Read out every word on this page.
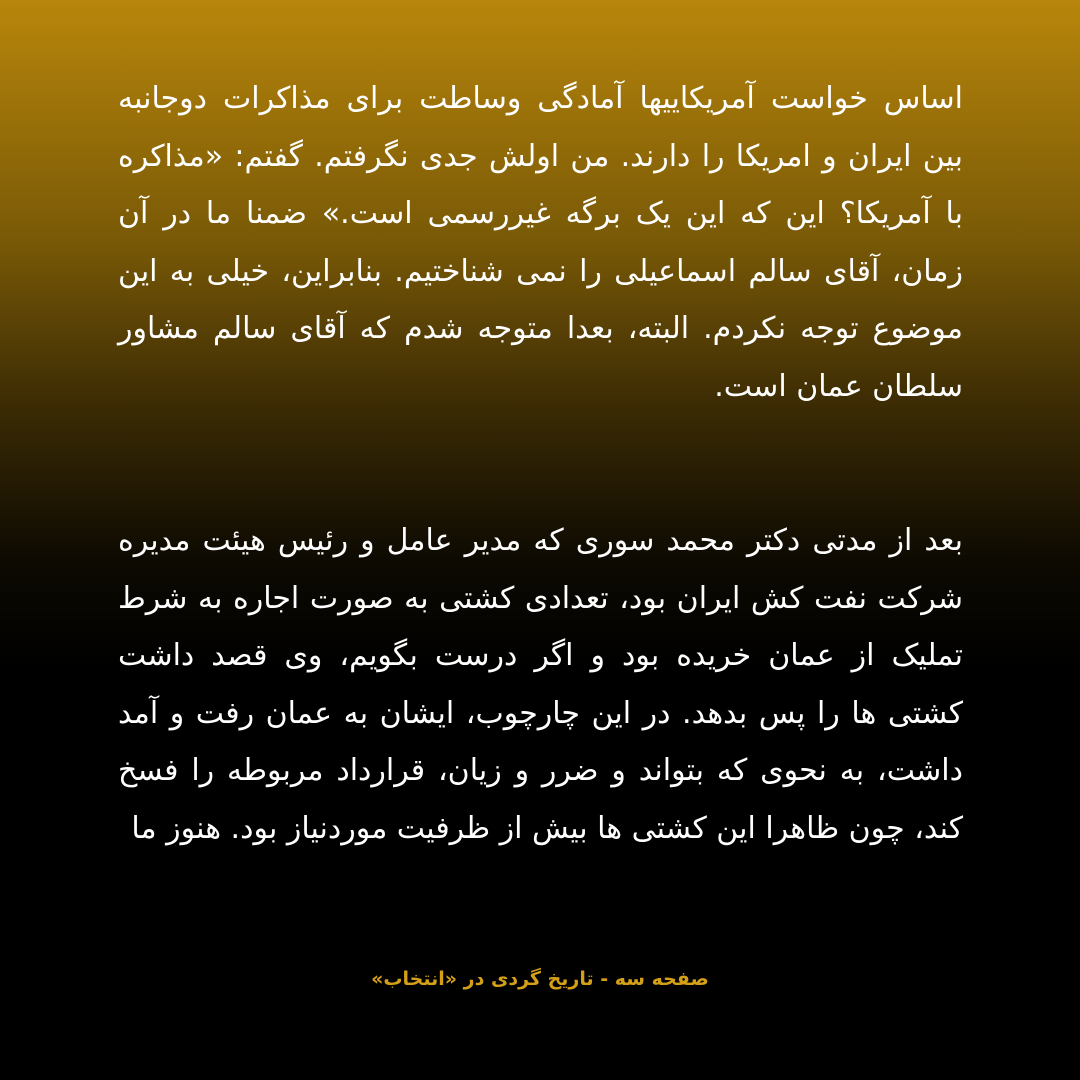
اساس خواست آمریکاییها آمادگی وساطت برای مذاکرات دوجانبه بین ایران و امریکا را دارند. من اولش جدی نگرفتم. گفتم: «مذاکره با آمریکا؟ این که این یک برگه غیررسمی است.» ضمنا ما در آن زمان، آقای سالم اسماعیلی را نمی شناختیم. بنابراین، خیلی به این موضوع توجه نکردم. البته، بعدا متوجه شدم که آقای سالم مشاور سلطان عمان است.

بعد از مدتی دکتر محمد سوری که مدیر عامل و رئیس هیئت مدیره شرکت نفت کش ایران بود، تعدادی کشتی به صورت اجاره به شرط تملیک از عمان خریده بود و اگر درست بگویم، وی قصد داشت کشتی ها را پس بدهد. در این چارچوب، ایشان به عمان رفت و آمد داشت، به نحوی که بتواند و ضرر و زیان، قرارداد مربوطه را فسخ کند، چون ظاهرا این کشتی ها بیش از ظرفیت موردنیاز بود. هنوز ما

صفحه سه - تاریخ گردی در «انتخاب»
